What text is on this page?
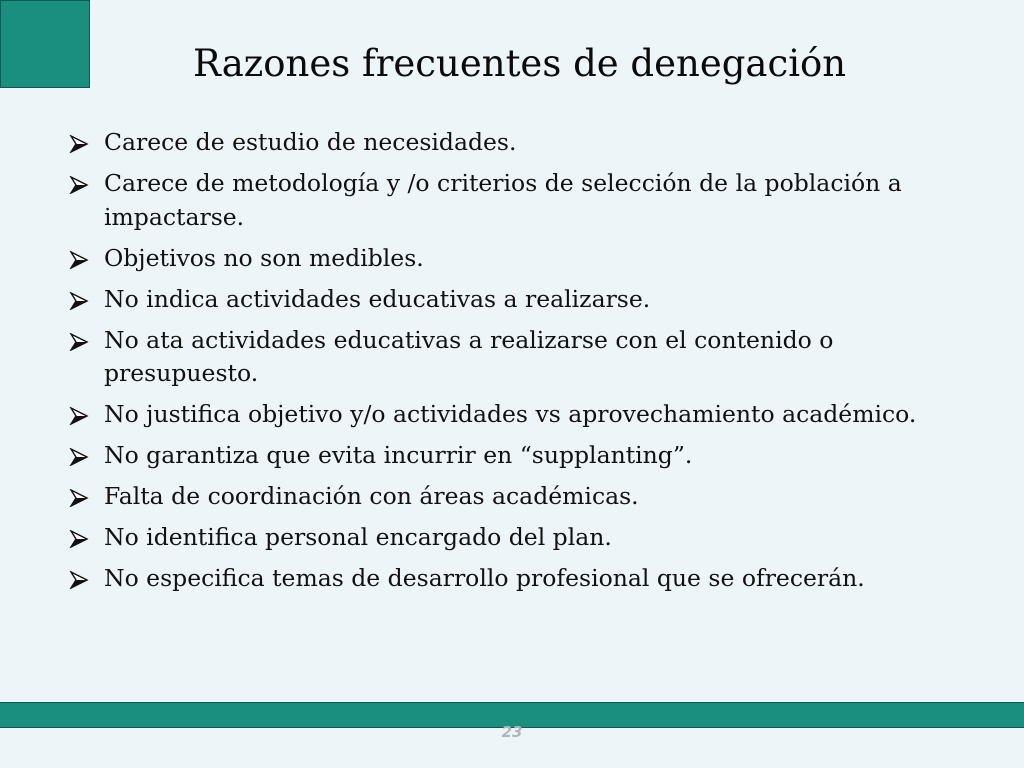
Razones frecuentes de denegación
Carece de estudio de necesidades.
Carece de metodología y /o criterios de selección de la población a impactarse.
Objetivos no son medibles.
No indica actividades educativas a realizarse.
No ata actividades educativas a realizarse con el contenido o presupuesto.
No justifica objetivo y/o actividades vs aprovechamiento académico.
No garantiza que evita incurrir en “supplanting”.
Falta de coordinación con áreas académicas.
No identifica personal encargado del plan.
No especifica temas de desarrollo profesional que se ofrecerán.
23
